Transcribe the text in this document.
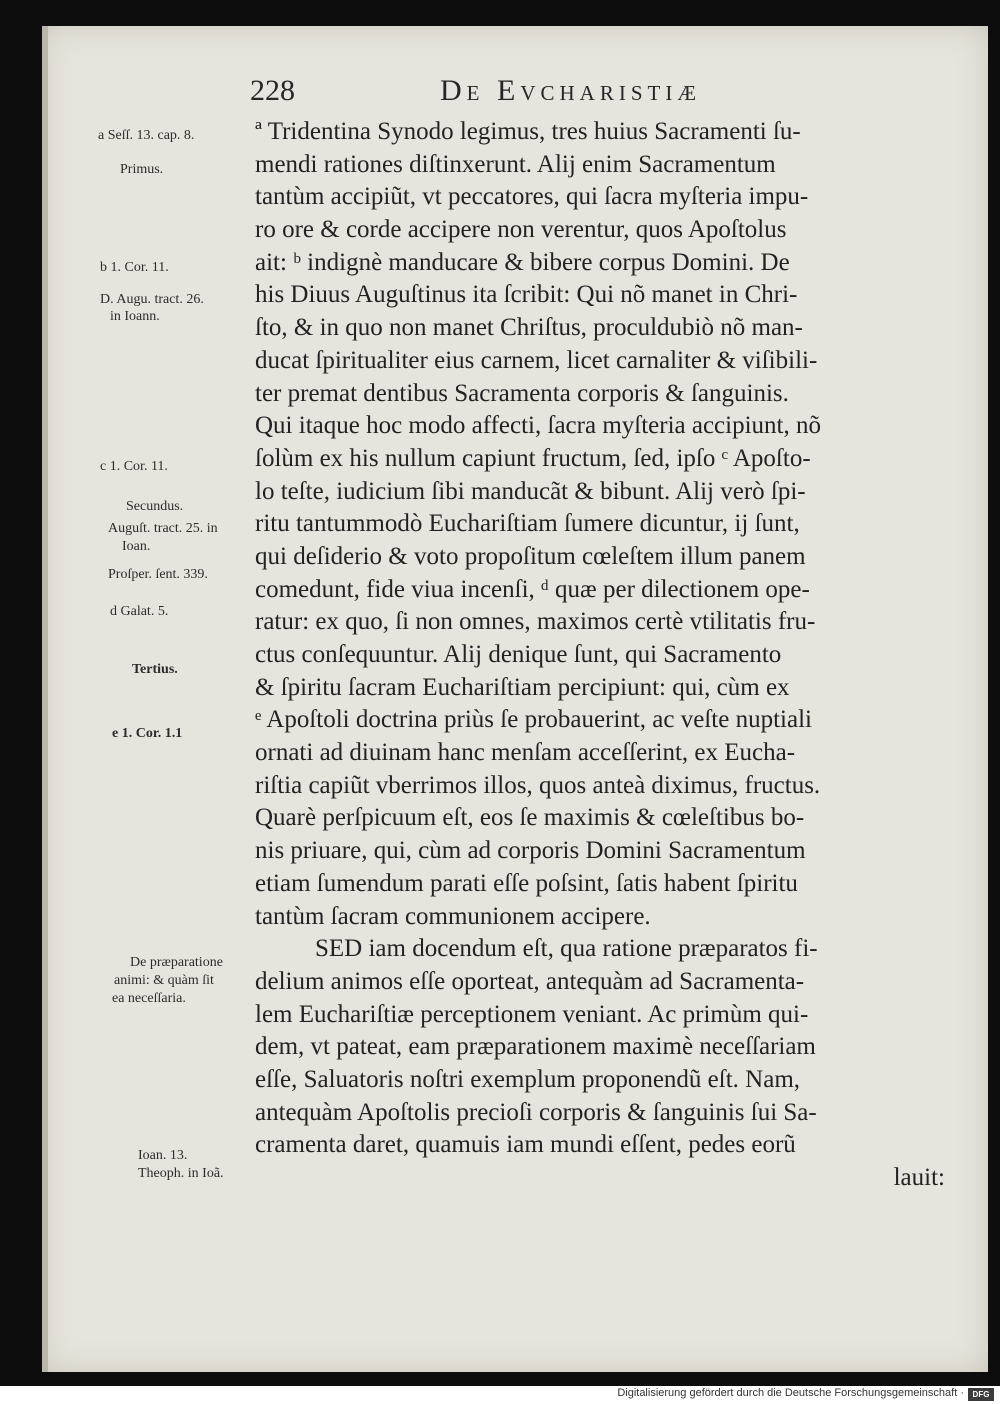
228	De Evcharistiæ
ª Tridentina Synodo legimus, tres huius Sacramenti ſu-
mendi rationes diſtinxerunt. Alij enim Sacramentum
tantùm accipiũt, vt peccatores, qui ſacra myſteria impu-
ro ore & corde accipere non verentur, quos Apoſtolus
ait: ᵇ indignè manducare & bibere corpus Domini. De
his Diuus Auguſtinus ita ſcribit: Qui nõ manet in Chri-
ſto, & in quo non manet Chriſtus, proculdubiò nõ man-
ducat ſpiritualiter eius carnem, licet carnaliter & viſibili-
ter premat dentibus Sacramenta corporis & ſanguinis.
Qui itaque hoc modo affecti, ſacra myſteria accipiunt, nõ
ſolùm ex his nullum capiunt fructum, ſed, ipſo ᶜ Apoſto-
lo teſte, iudicium ſibi manducãt & bibunt. Alij verò ſpi-
ritu tantummodò Euchariſtiam ſumere dicuntur, ij ſunt,
qui deſiderio & voto propoſitum cœleſtem illum panem
comedunt, fide viua incenſi, ᵈ quæ per dilectionem ope-
ratur: ex quo, ſi non omnes, maximos certè vtilitatis fru-
ctus conſequuntur. Alij denique ſunt, qui Sacramento
& ſpiritu ſacram Euchariſtiam percipiunt: qui, cùm ex
ᵉ Apoſtoli doctrina priùs ſe probauerint, ac veſte nuptiali
ornati ad diuinam hanc menſam acceſſerint, ex Eucha-
riſtia capiũt vberrimos illos, quos anteà diximus, fructus.
Quarè perſpicuum eſt, eos ſe maximis & cœleſtibus bo-
nis priuare, qui, cùm ad corporis Domini Sacramentum
etiam ſumendum parati eſſe poſsint, ſatis habent ſpiritu
tantùm ſacram communionem accipere.
SED iam docendum eſt, qua ratione præparatos fi-
delium animos eſſe oporteat, antequàm ad Sacramenta-
lem Euchariſtiæ perceptionem veniant. Ac primùm qui-
dem, vt pateat, eam præparationem maximè neceſſariam
eſſe, Saluatoris noſtri exemplum proponendũ eſt. Nam,
antequàm Apoſtolis precioſi corporis & ſanguinis ſui Sa-
cramenta daret, quamuis iam mundi eſſent, pedes eorũ
lauit:
a Seſſ. 13. cap. 8.
Primus.
b 1. Cor. 11.
D. Augu. tract. 26.
in Ioann.
c 1. Cor. 11.
Secundus.
Auguſt. tract. 25. in
Ioan.
Proſper. ſent. 339.
d Galat. 5.
Tertius.
e 1. Cor. 1.1
De præparatione
animi: & quàm ſit
ea neceſſaria.
Ioan. 13.
Theoph. in Ioã.
Digitalisierung gefördert durch die Deutsche Forschungsgemeinschaft ·	DFG
